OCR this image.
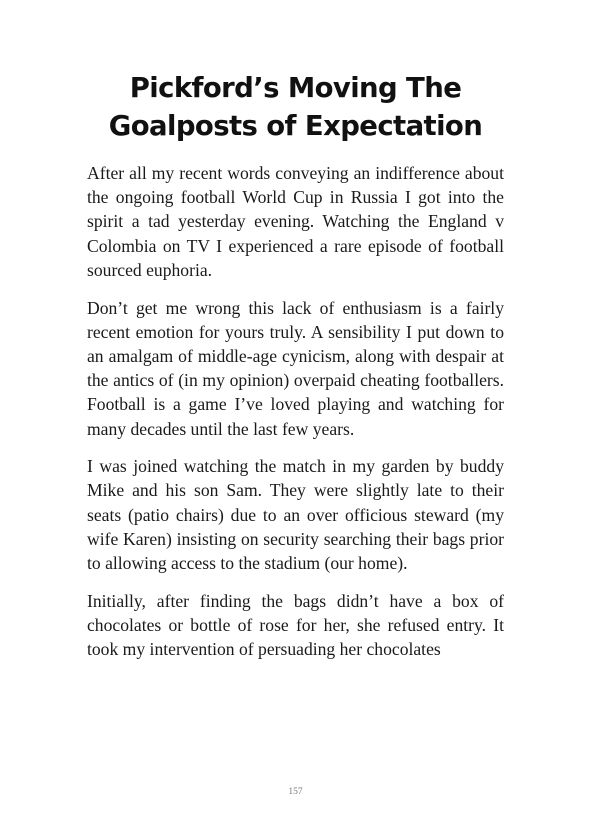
Pickford’s Moving The
Goalposts of Expectation

After all my recent words conveying an indifference about the ongoing football World Cup in Russia I got into the spirit a tad yesterday evening. Watching the England v Colombia on TV I experienced a rare episode of football sourced euphoria.

Don’t get me wrong this lack of enthusiasm is a fairly recent emotion for yours truly. A sensibility I put down to an amalgam of middle-age cynicism, along with despair at the antics of (in my opinion) overpaid cheating footballers. Football is a game I’ve loved playing and watching for many decades until the last few years.

I was joined watching the match in my garden by buddy Mike and his son Sam. They were slightly late to their seats (patio chairs) due to an over officious steward (my wife Karen) insisting on security searching their bags prior to allowing access to the stadium (our home).

Initially, after finding the bags didn’t have a box of chocolates or bottle of rose for her, she refused entry. It took my intervention of persuading her chocolates

157
